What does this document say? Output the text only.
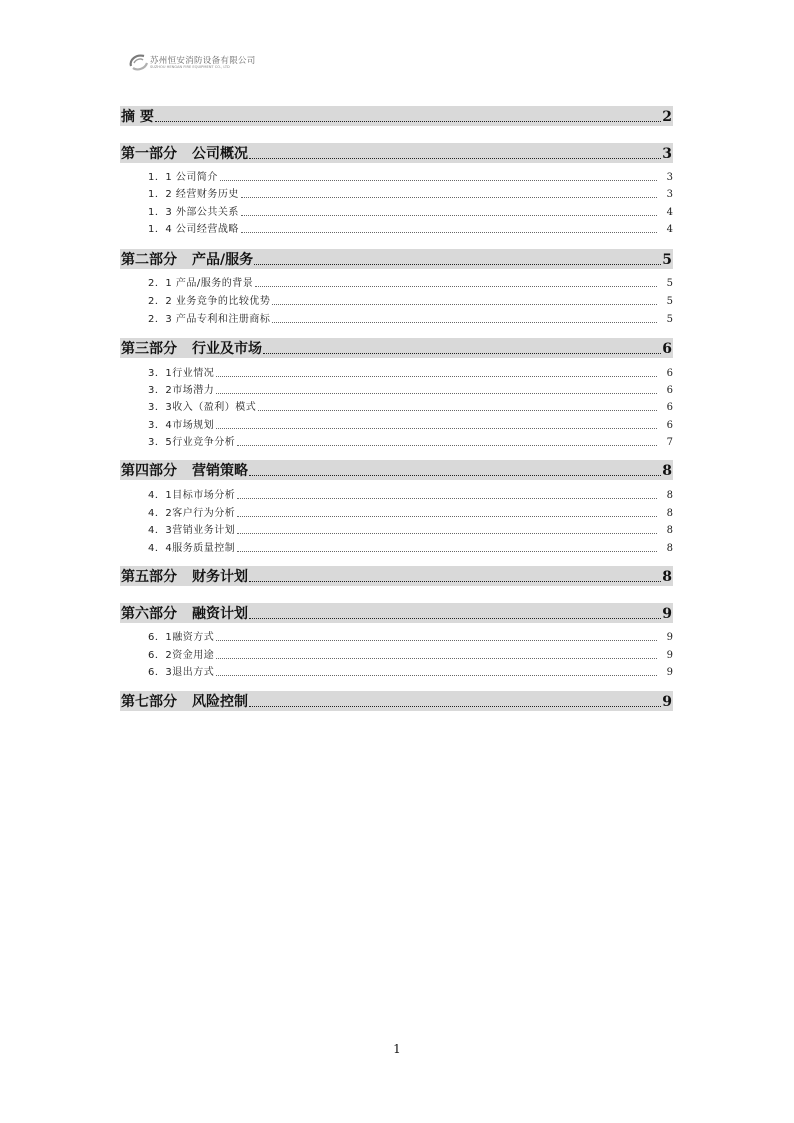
苏州恒安消防设备有限公司
SUZHOU HENGAN FIRE EQUIPMENT CO., LTD
摘 要	2
第一部分 公司概况	3
1．1 公司简介	3
1．2 经营财务历史	3
1．3 外部公共关系	4
1．4 公司经营战略	4
第二部分 产品/服务	5
2．1 产品/服务的背景	5
2．2 业务竞争的比较优势	5
2．3 产品专利和注册商标	5
第三部分 行业及市场	6
3．1行业情况	6
3．2市场潜力	6
3．3收入（盈利）模式	6
3．4市场规划	6
3．5行业竞争分析	7
第四部分 营销策略	8
4．1目标市场分析	8
4．2客户行为分析	8
4．3营销业务计划	8
4．4服务质量控制	8
第五部分 财务计划	8
第六部分 融资计划	9
6．1融资方式	9
6．2资金用途	9
6．3退出方式	9
第七部分 风险控制	9
1
